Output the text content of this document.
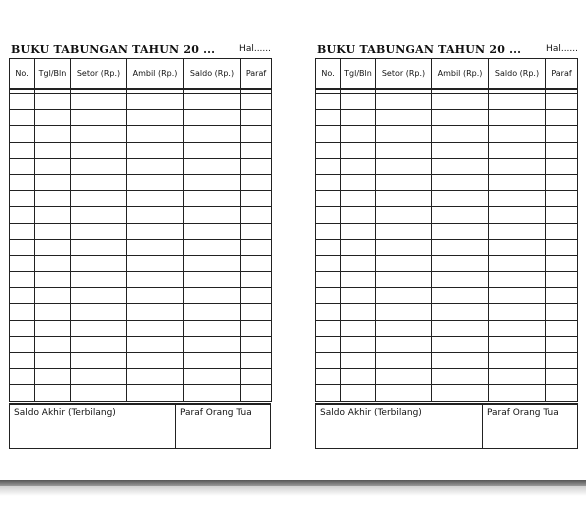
BUKU TABUNGAN TAHUN 20 ...	Hal......
No.	Tgl/Bln	Setor (Rp.)	Ambil (Rp.)	Saldo (Rp.)	Paraf

Saldo Akhir (Terbilang)	Paraf Orang Tua
BUKU TABUNGAN TAHUN 20 ...	Hal......
No.	Tgl/Bln	Setor (Rp.)	Ambil (Rp.)	Saldo (Rp.)	Paraf

Saldo Akhir (Terbilang)	Paraf Orang Tua
